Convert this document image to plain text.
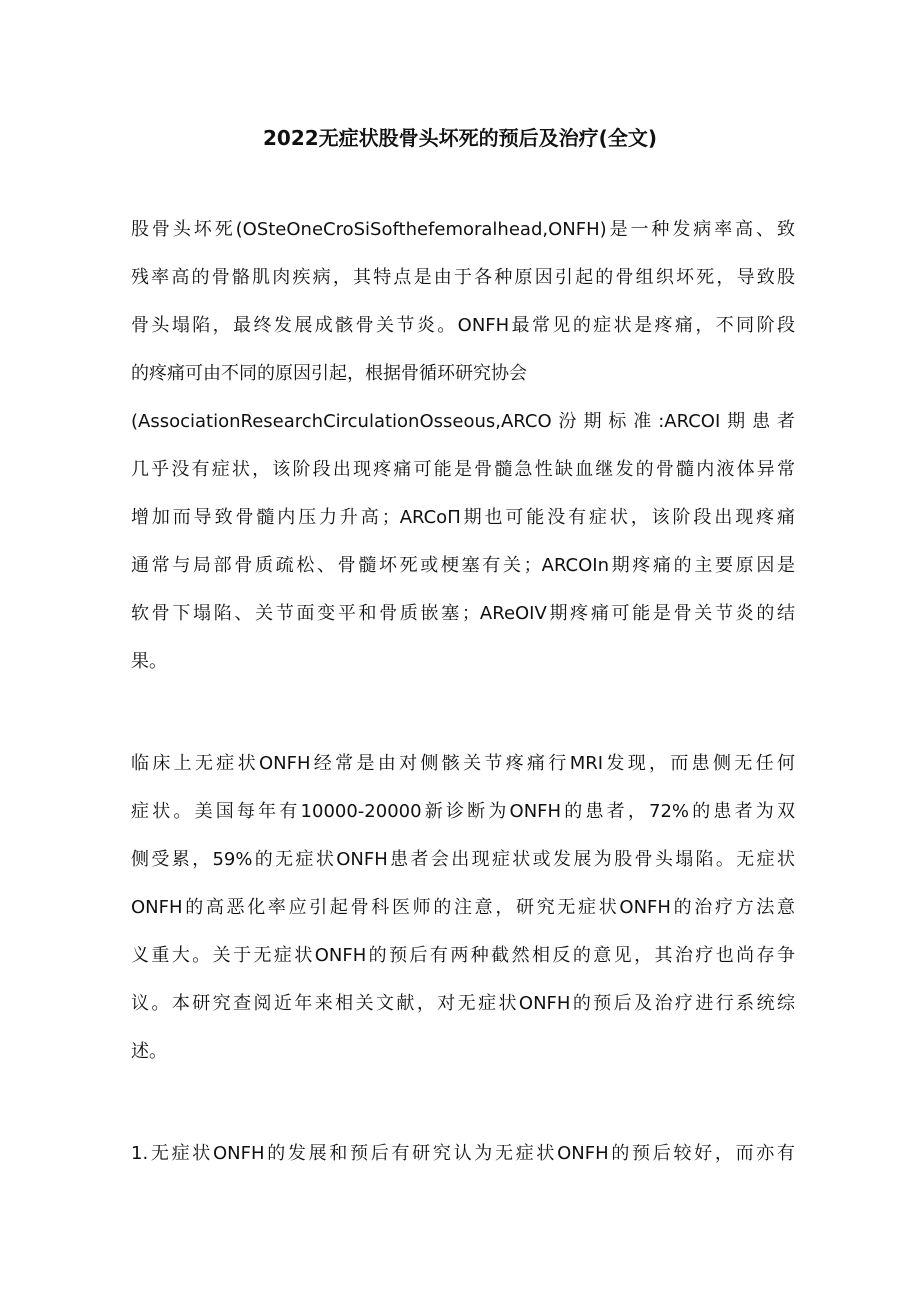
2022无症状股骨头坏死的预后及治疗(全文)
股骨头坏死(OSteOneCroSiSofthefemoralhead,ONFH)是一种发病率高、致
残率高的骨骼肌肉疾病，其特点是由于各种原因引起的骨组织坏死，导致股
骨头塌陷，最终发展成骸骨关节炎。ONFH最常见的症状是疼痛，不同阶段
的疼痛可由不同的原因引起，根据骨循环研究协会
(AssociationResearchCirculationOsseous,ARCO汾期标准:ARCOI期患者
几乎没有症状，该阶段出现疼痛可能是骨髓急性缺血继发的骨髓内液体异常
增加而导致骨髓内压力升高；ARCoΠ期也可能没有症状，该阶段出现疼痛
通常与局部骨质疏松、骨髓坏死或梗塞有关；ARCOIn期疼痛的主要原因是
软骨下塌陷、关节面变平和骨质嵌塞；AReOIV期疼痛可能是骨关节炎的结
果。
临床上无症状ONFH经常是由对侧骸关节疼痛行MRI发现，而患侧无任何
症状。美国每年有10000-20000新诊断为ONFH的患者，72%的患者为双
侧受累，59%的无症状ONFH患者会出现症状或发展为股骨头塌陷。无症状
ONFH的高恶化率应引起骨科医师的注意，研究无症状ONFH的治疗方法意
义重大。关于无症状ONFH的预后有两种截然相反的意见，其治疗也尚存争
议。本研究查阅近年来相关文献，对无症状ONFH的预后及治疗进行系统综
述。
1.无症状ONFH的发展和预后有研究认为无症状ONFH的预后较好，而亦有
